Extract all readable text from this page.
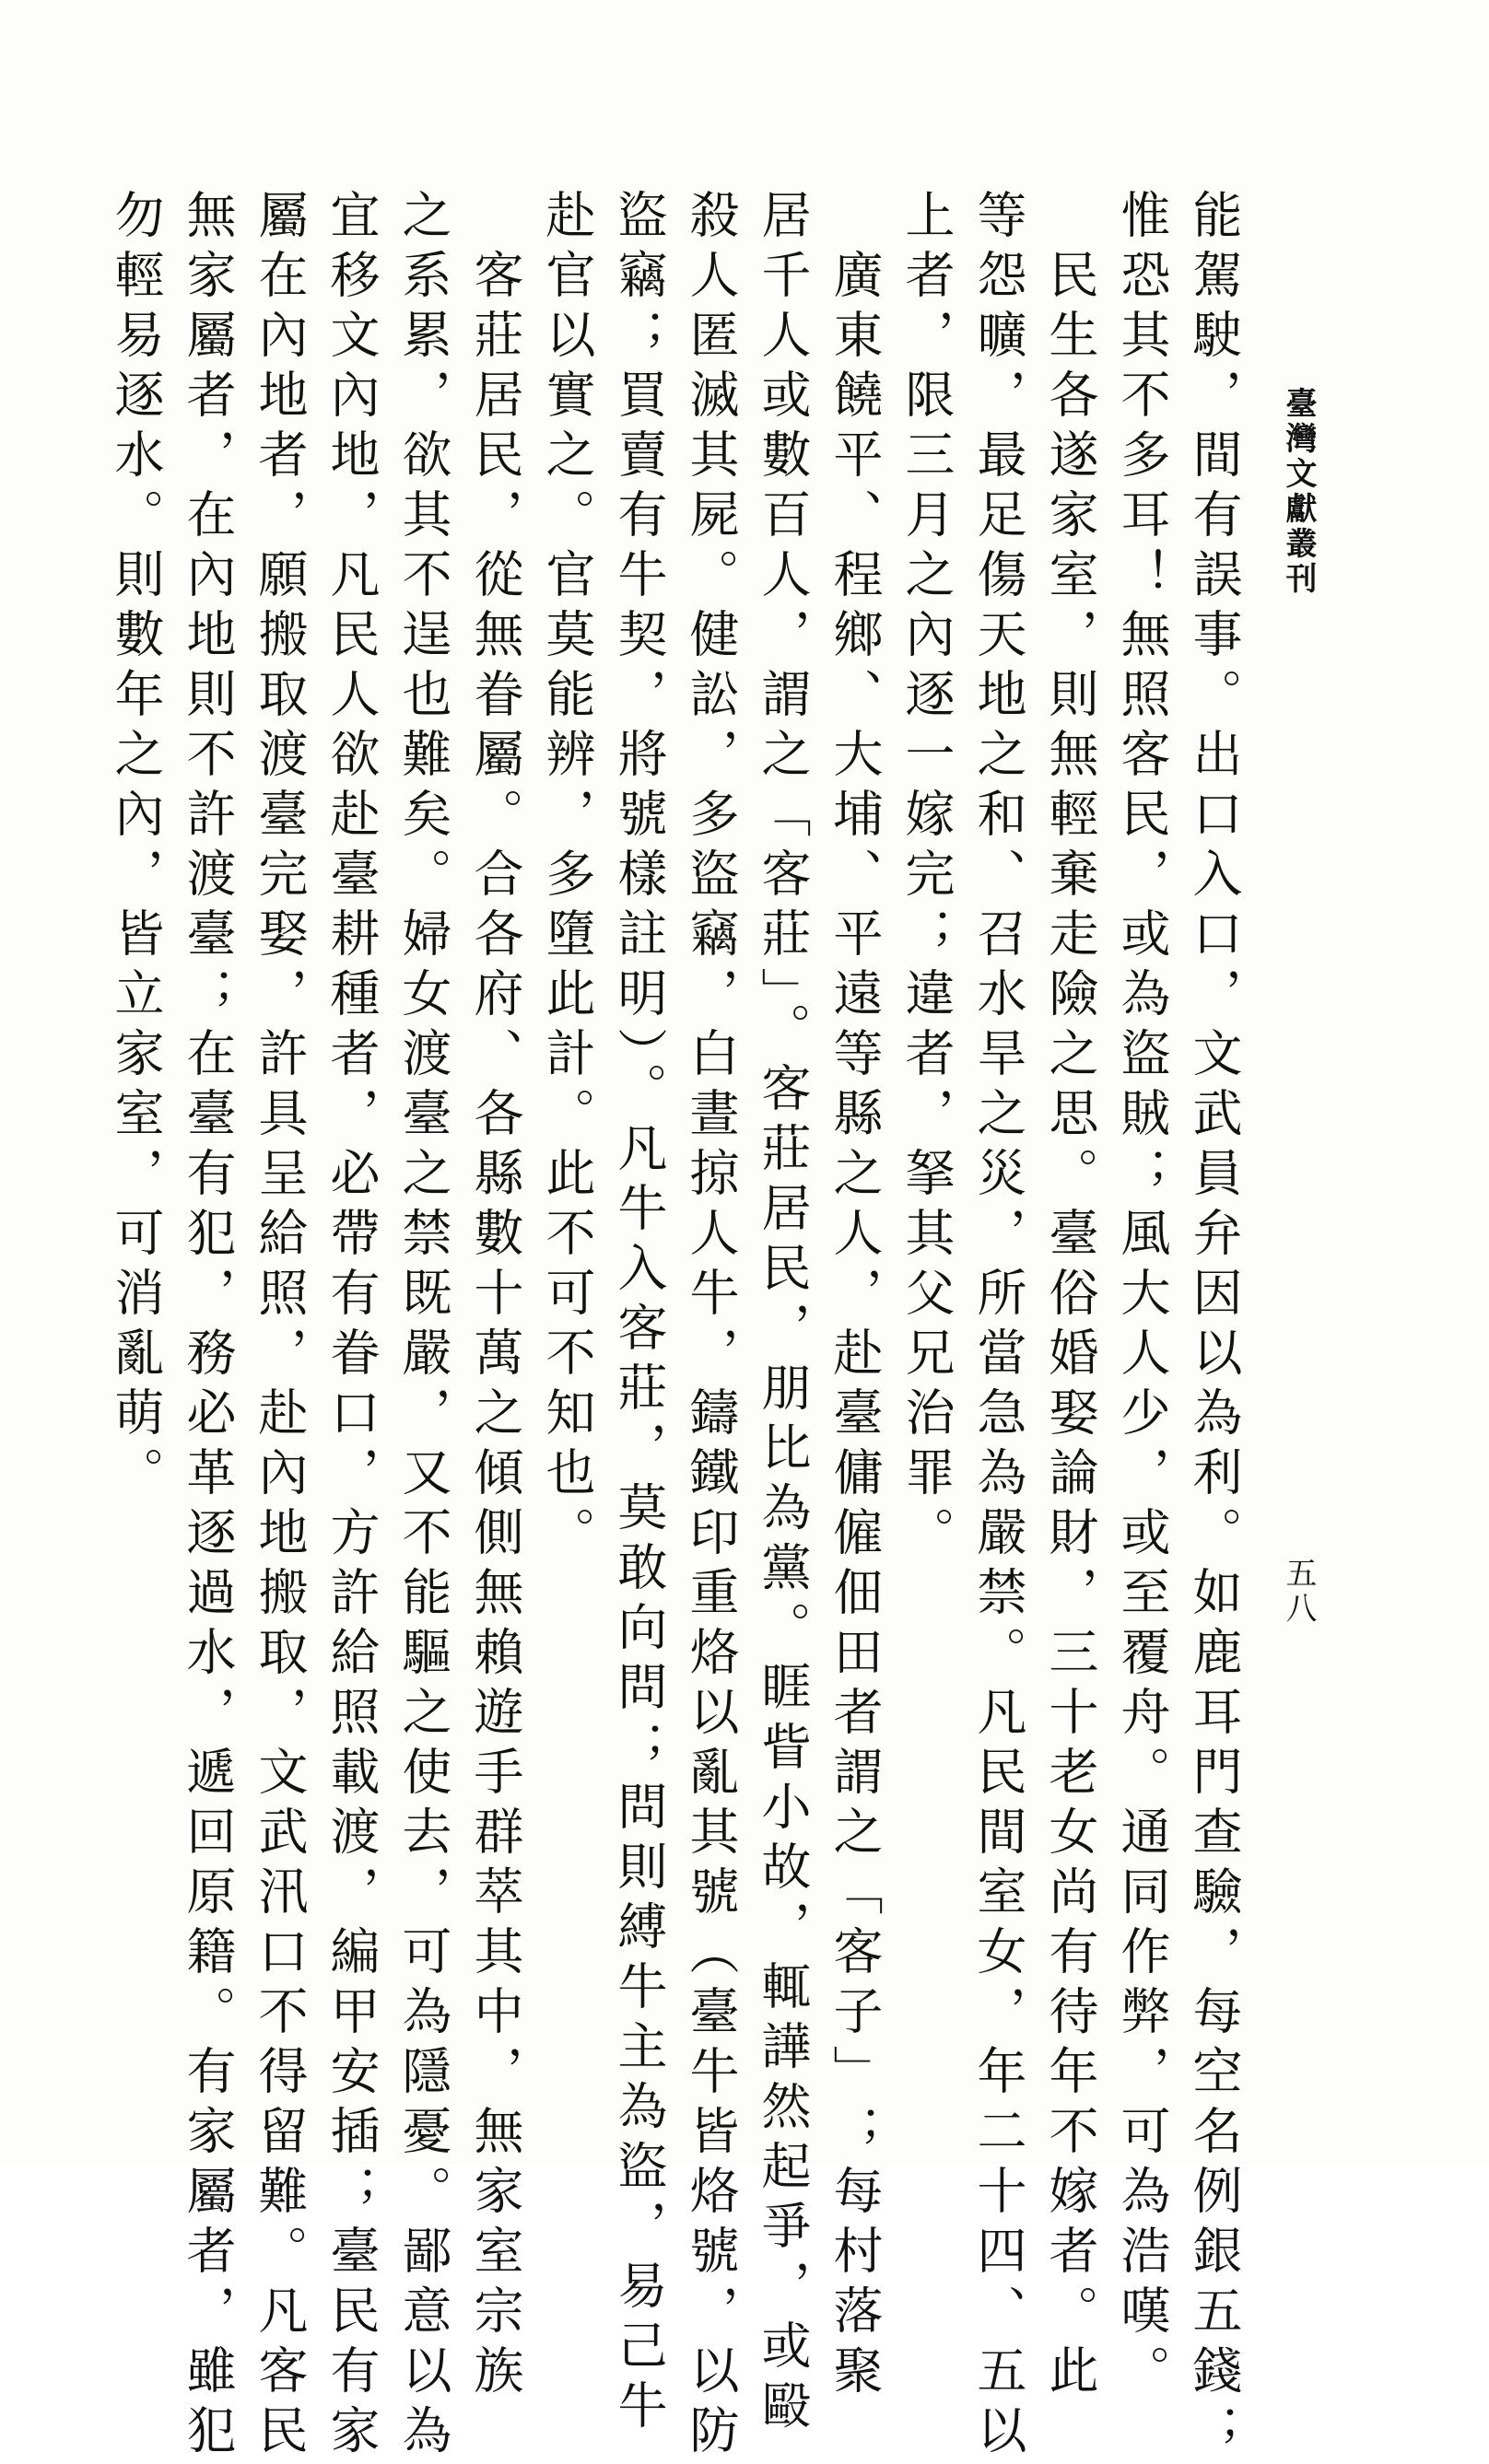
臺灣文獻叢刊
五八
能駕駛，間有誤事。出口入口，文武員弁因以為利。如鹿耳門查驗，每空名例銀五錢；
惟恐其不多耳！無照客民，或為盜賊；風大人少，或至覆舟。通同作弊，可為浩嘆。
　民生各遂家室，則無輕棄走險之思。臺俗婚娶論財，三十老女尚有待年不嫁者。此
等怨曠，最足傷天地之和、召水旱之災，所當急為嚴禁。凡民間室女，年二十四、五以
上者，限三月之內逐一嫁完；違者，拏其父兄治罪。
　廣東饒平、程鄉、大埔、平遠等縣之人，赴臺傭僱佃田者謂之「客子」；每村落聚
居千人或數百人，謂之「客莊」。客莊居民，朋比為黨。睚眥小故，輒譁然起爭，或毆
殺人匿滅其屍。健訟，多盜竊，白晝掠人牛，鑄鐵印重烙以亂其號（臺牛皆烙號，以防
盜竊；買賣有牛契，將號樣註明）。凡牛入客莊，莫敢向問；問則縛牛主為盜，易己牛
赴官以實之。官莫能辨，多墮此計。此不可不知也。
　客莊居民，從無眷屬。合各府、各縣數十萬之傾側無賴遊手群萃其中，無家室宗族
之系累，欲其不逞也難矣。婦女渡臺之禁既嚴，又不能驅之使去，可為隱憂。鄙意以為
宜移文內地，凡民人欲赴臺耕種者，必帶有眷口，方許給照載渡，編甲安插；臺民有家
屬在內地者，願搬取渡臺完娶，許具呈給照，赴內地搬取，文武汛口不得留難。凡客民
無家屬者，在內地則不許渡臺；在臺有犯，務必革逐過水，遞回原籍。有家屬者，雖犯
勿輕易逐水。則數年之內，皆立家室，可消亂萌。
